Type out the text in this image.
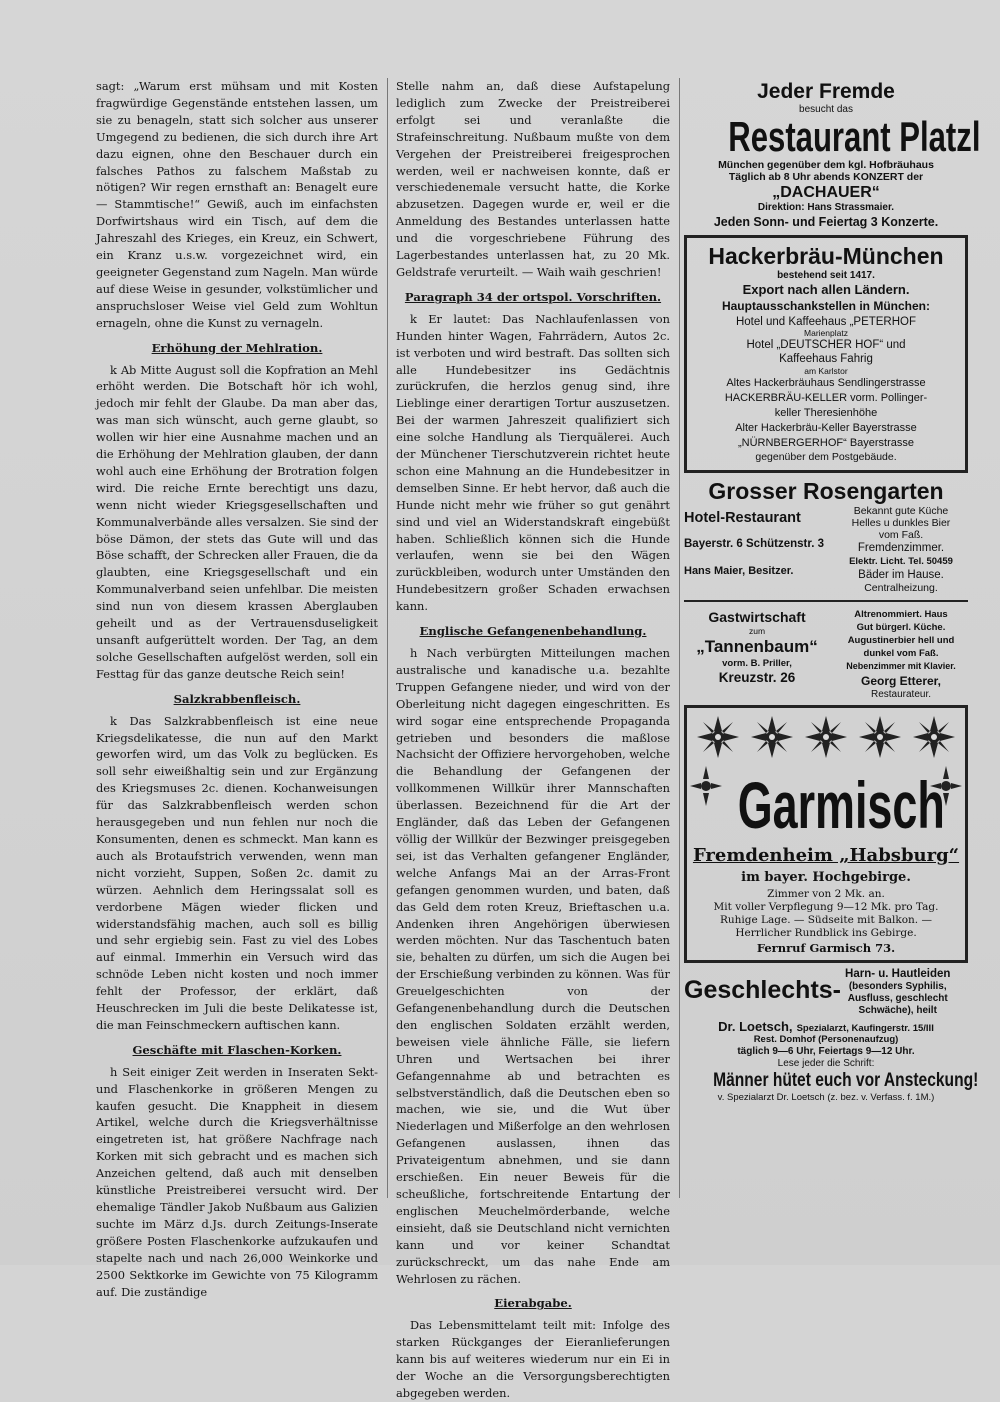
sagt: „Warum erst mühsam und mit Kosten fragwürdige Gegenstände entstehen lassen, um sie zu benageln, statt sich solcher aus unserer Umgegend zu bedienen, die sich durch ihre Art dazu eignen, ohne den Beschauer durch ein falsches Pathos zu falschem Maßstab zu nötigen? Wir regen ernsthaft an: Benagelt eure — Stammtische!“ Gewiß, auch im einfachsten Dorfwirtshaus wird ein Tisch, auf dem die Jahreszahl des Krieges, ein Kreuz, ein Schwert, ein Kranz u.s.w. vorgezeichnet wird, ein geeigneter Gegenstand zum Nageln. Man würde auf diese Weise in gesunder, volkstümlicher und anspruchsloser Weise viel Geld zum Wohltun ernageln, ohne die Kunst zu vernageln.

Erhöhung der Mehlration.

k Ab Mitte August soll die Kopfration an Mehl erhöht werden. Die Botschaft hör ich wohl, jedoch mir fehlt der Glaube. Da man aber das, was man sich wünscht, auch gerne glaubt, so wollen wir hier eine Ausnahme machen und an die Erhöhung der Mehlration glauben, der dann wohl auch eine Erhöhung der Brotration folgen wird. Die reiche Ernte berechtigt uns dazu, wenn nicht wieder Kriegsgesellschaften und Kommunalverbände alles versalzen. Sie sind der böse Dämon, der stets das Gute will und das Böse schafft, der Schrecken aller Frauen, die da glaubten, eine Kriegsgesellschaft und ein Kommunalverband seien unfehlbar. Die meisten sind nun von diesem krassen Aberglauben geheilt und as der Vertrauensduseligkeit unsanft aufgerüttelt worden. Der Tag, an dem solche Gesellschaften aufgelöst werden, soll ein Festtag für das ganze deutsche Reich sein!

Salzkrabbenfleisch.

k Das Salzkrabbenfleisch ist eine neue Kriegsdelikatesse, die nun auf den Markt geworfen wird, um das Volk zu beglücken. Es soll sehr eiweißhaltig sein und zur Ergänzung des Kriegsmuses 2c. dienen. Kochanweisungen für das Salzkrabbenfleisch werden schon herausgegeben und nun fehlen nur noch die Konsumenten, denen es schmeckt. Man kann es auch als Brotaufstrich verwenden, wenn man nicht vorzieht, Suppen, Soßen 2c. damit zu würzen. Aehnlich dem Heringssalat soll es verdorbene Mägen wieder flicken und widerstandsfähig machen, auch soll es billig und sehr ergiebig sein. Fast zu viel des Lobes auf einmal. Immerhin ein Versuch wird das schnöde Leben nicht kosten und noch immer fehlt der Professor, der erklärt, daß Heuschrecken im Juli die beste Delikatesse ist, die man Feinschmeckern auftischen kann.

Geschäfte mit Flaschen-Korken.

h Seit einiger Zeit werden in Inseraten Sekt- und Flaschenkorke in größeren Mengen zu kaufen gesucht. Die Knappheit in diesem Artikel, welche durch die Kriegsverhältnisse eingetreten ist, hat größere Nachfrage nach Korken mit sich gebracht und es machen sich Anzeichen geltend, daß auch mit denselben künstliche Preistreiberei versucht wird. Der ehemalige Tändler Jakob Nußbaum aus Galizien suchte im März d.Js. durch Zeitungs-Inserate größere Posten Flaschenkorke aufzukaufen und stapelte nach und nach 26,000 Weinkorke und 2500 Sektkorke im Gewichte von 75 Kilogramm auf. Die zuständige

Stelle nahm an, daß diese Aufstapelung lediglich zum Zwecke der Preistreiberei erfolgt sei und veranlaßte die Strafeinschreitung. Nußbaum mußte von dem Vergehen der Preistreiberei freigesprochen werden, weil er nachweisen konnte, daß er verschiedenemale versucht hatte, die Korke abzusetzen. Dagegen wurde er, weil er die Anmeldung des Bestandes unterlassen hatte und die vorgeschriebene Führung des Lagerbestandes unterlassen hat, zu 20 Mk. Geldstrafe verurteilt. — Waih waih geschrien!

Paragraph 34 der ortspol. Vorschriften.

k Er lautet: Das Nachlaufenlassen von Hunden hinter Wagen, Fahrrädern, Autos 2c. ist verboten und wird bestraft. Das sollten sich alle Hundebesitzer ins Gedächtnis zurückrufen, die herzlos genug sind, ihre Lieblinge einer derartigen Tortur auszusetzen. Bei der warmen Jahreszeit qualifiziert sich eine solche Handlung als Tierquälerei. Auch der Münchener Tierschutzverein richtet heute schon eine Mahnung an die Hundebesitzer in demselben Sinne. Er hebt hervor, daß auch die Hunde nicht mehr wie früher so gut genährt sind und viel an Widerstandskraft eingebüßt haben. Schließlich können sich die Hunde verlaufen, wenn sie bei den Wägen zurückbleiben, wodurch unter Umständen den Hundebesitzern großer Schaden erwachsen kann.

Englische Gefangenenbehandlung.

h Nach verbürgten Mitteilungen machen australische und kanadische u.a. bezahlte Truppen Gefangene nieder, und wird von der Oberleitung nicht dagegen eingeschritten. Es wird sogar eine entsprechende Propaganda getrieben und besonders die maßlose Nachsicht der Offiziere hervorgehoben, welche die Behandlung der Gefangenen der vollkommenen Willkür ihrer Mannschaften überlassen. Bezeichnend für die Art der Engländer, daß das Leben der Gefangenen völlig der Willkür der Bezwinger preisgegeben sei, ist das Verhalten gefangener Engländer, welche Anfangs Mai an der Arras-Front gefangen genommen wurden, und baten, daß das Geld dem roten Kreuz, Brieftaschen u.a. Andenken ihren Angehörigen überwiesen werden möchten. Nur das Taschentuch baten sie, behalten zu dürfen, um sich die Augen bei der Erschießung verbinden zu können. Was für Greuelgeschichten von der Gefangenenbehandlung durch die Deutschen den englischen Soldaten erzählt werden, beweisen viele ähnliche Fälle, sie liefern Uhren und Wertsachen bei ihrer Gefangennahme ab und betrachten es selbstverständlich, daß die Deutschen eben so machen, wie sie, und die Wut über Niederlagen und Mißerfolge an den wehrlosen Gefangenen auslassen, ihnen das Privateigentum abnehmen, und sie dann erschießen. Ein neuer Beweis für die scheußliche, fortschreitende Entartung der englischen Meuchelmörderbande, welche einsieht, daß sie Deutschland nicht vernichten kann und vor keiner Schandtat zurückschreckt, um das nahe Ende am Wehrlosen zu rächen.

Eierabgabe.

Das Lebensmittelamt teilt mit: Infolge des starken Rückganges der Eieranlieferungen kann bis auf weiteres wiederum nur ein Ei in der Woche an die Versorgungsberechtigten abgegeben werden.

Jeder Fremde
besucht das
Restaurant Platzl
München gegenüber dem kgl. Hofbräuhaus
Täglich ab 8 Uhr abends KONZERT der
„DACHAUER“
Direktion: Hans Strassmaier.
Jeden Sonn- und Feiertag 3 Konzerte.
Hackerbräu-München
bestehend seit 1417.
Export nach allen Ländern.
Hauptausschankstellen in München:
Hotel und Kaffeehaus „PETERHOF
Marienplatz
Hotel „DEUTSCHER HOF“ und
Kaffeehaus Fahrig
am Karlstor
Altes Hackerbräuhaus Sendlingerstrasse
HACKERBRÄU-KELLER vorm. Pollinger-
keller Theresienhöhe
Alter Hackerbräu-Keller Bayerstrasse
„NÜRNBERGERHOF“ Bayerstrasse
gegenüber dem Postgebäude.
Grosser Rosengarten
Hotel-Restaurant
Bayerstr. 6 Schützenstr. 3
Hans Maier, Besitzer.
Bekannt gute Küche
Helles u dunkles Bier
vom Faß.
Fremdenzimmer.
Elektr. Licht. Tel. 50459
Bäder im Hause.
Centralheizung.
Gastwirtschaft
zum
„Tannenbaum“
vorm. B. Priller,
Kreuzstr. 26
Altrenommiert. Haus
Gut bürgerl. Küche.
Augustinerbier hell und
dunkel vom Faß.
Nebenzimmer mit Klavier.
Georg Etterer,
Restaurateur.
Garmisch
Fremdenheim „Habsburg“
im bayer. Hochgebirge.
Zimmer von 2 Mk. an.
Mit voller Verpflegung 9—12 Mk. pro Tag.
Ruhige Lage. — Südseite mit Balkon. —
Herrlicher Rundblick ins Gebirge.
Fernruf Garmisch 73.
Geschlechts-
Harn- u. Hautleiden
(besonders Syphilis,
Ausfluss, geschlecht
Schwäche), heilt
Dr. Loetsch, Spezialarzt, Kaufingerstr. 15/III
Rest. Domhof (Personenaufzug)
täglich 9—6 Uhr, Feiertags 9—12 Uhr.
Lese jeder die Schrift:
Männer hütet euch vor Ansteckung!
v. Spezialarzt Dr. Loetsch (z. bez. v. Verfass. f. 1M.)
